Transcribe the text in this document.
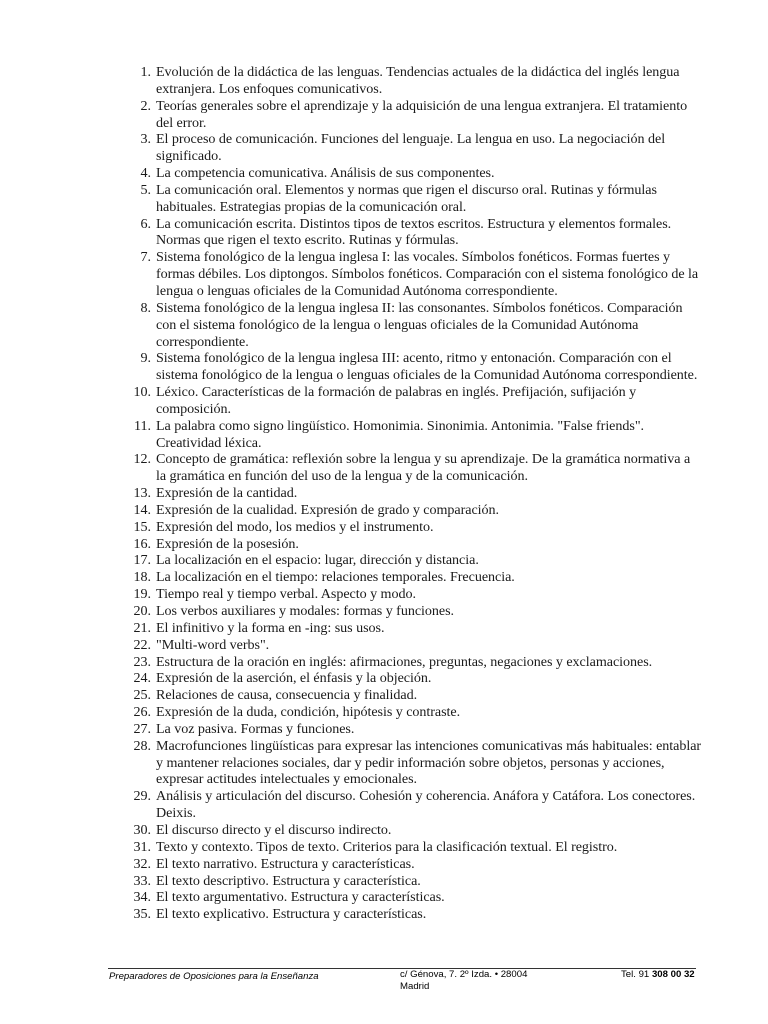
1. Evolución de la didáctica de las lenguas. Tendencias actuales de la didáctica del inglés lengua extranjera. Los enfoques comunicativos.
2. Teorías generales sobre el aprendizaje y la adquisición de una lengua extranjera. El tratamiento del error.
3. El proceso de comunicación. Funciones del lenguaje. La lengua en uso. La negociación del significado.
4. La competencia comunicativa. Análisis de sus componentes.
5. La comunicación oral. Elementos y normas que rigen el discurso oral. Rutinas y fórmulas habituales. Estrategias propias de la comunicación oral.
6. La comunicación escrita. Distintos tipos de textos escritos. Estructura y elementos formales. Normas que rigen el texto escrito. Rutinas y fórmulas.
7. Sistema fonológico de la lengua inglesa I: las vocales. Símbolos fonéticos. Formas fuertes y formas débiles. Los diptongos. Símbolos fonéticos. Comparación con el sistema fonológico de la lengua o lenguas oficiales de la Comunidad Autónoma correspondiente.
8. Sistema fonológico de la lengua inglesa II: las consonantes. Símbolos fonéticos. Comparación con el sistema fonológico de la lengua o lenguas oficiales de la Comunidad Autónoma correspondiente.
9. Sistema fonológico de la lengua inglesa III: acento, ritmo y entonación. Comparación con el sistema fonológico de la lengua o lenguas oficiales de la Comunidad Autónoma correspondiente.
10. Léxico. Características de la formación de palabras en inglés. Prefijación, sufijación y composición.
11. La palabra como signo lingüístico. Homonimia. Sinonimia. Antonimia. "False friends". Creatividad léxica.
12. Concepto de gramática: reflexión sobre la lengua y su aprendizaje. De la gramática normativa a la gramática en función del uso de la lengua y de la comunicación.
13. Expresión de la cantidad.
14. Expresión de la cualidad. Expresión de grado y comparación.
15. Expresión del modo, los medios y el instrumento.
16. Expresión de la posesión.
17. La localización en el espacio: lugar, dirección y distancia.
18. La localización en el tiempo: relaciones temporales. Frecuencia.
19. Tiempo real y tiempo verbal. Aspecto y modo.
20. Los verbos auxiliares y modales: formas y funciones.
21. El infinitivo y la forma en -ing: sus usos.
22. "Multi-word verbs".
23. Estructura de la oración en inglés: afirmaciones, preguntas, negaciones y exclamaciones.
24. Expresión de la aserción, el énfasis y la objeción.
25. Relaciones de causa, consecuencia y finalidad.
26. Expresión de la duda, condición, hipótesis y contraste.
27. La voz pasiva. Formas y funciones.
28. Macrofunciones lingüísticas para expresar las intenciones comunicativas más habituales: entablar y mantener relaciones sociales, dar y pedir información sobre objetos, personas y acciones, expresar actitudes intelectuales y emocionales.
29. Análisis y articulación del discurso. Cohesión y coherencia. Anáfora y Catáfora. Los conectores. Deixis.
30. El discurso directo y el discurso indirecto.
31. Texto y contexto. Tipos de texto. Criterios para la clasificación textual. El registro.
32. El texto narrativo. Estructura y características.
33. El texto descriptivo. Estructura y característica.
34. El texto argumentativo. Estructura y características.
35. El texto explicativo. Estructura y características.
Preparadores de Oposiciones para la Enseñanza	c/ Génova, 7. 2º Izda. • 28004
Madrid
Tel. 91 308 00 32
